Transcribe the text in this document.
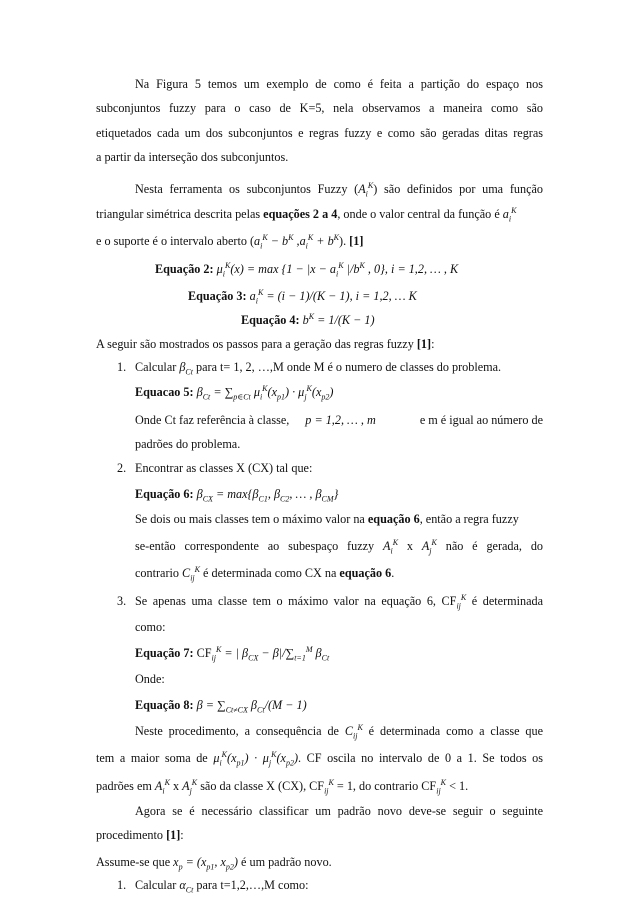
Na Figura 5 temos um exemplo de como é feita a partição do espaço nos
subconjuntos fuzzy para o caso de K=5, nela observamos a maneira como são
etiquetados cada um dos subconjuntos e regras fuzzy e como são geradas ditas regras
a partir da interseção dos subconjuntos.
Nesta ferramenta os subconjuntos Fuzzy $(A_i^K)$ são definidos por uma função
triangular simétrica descrita pelas equações 2 a 4, onde o valor central da função é $a_i^K$
e o suporte é o intervalo aberto ($a_i^K - b^K$ $,a_i^K + b^K$). [1]
Equação 2: $\mu_i^K(x) = \max \{1 - |x - a_i^K$ $|/b^K$ , 0}, i = 1,2, … , K
Equação 3: $a_i^K = (i - 1)/(K - 1)$, i = 1,2, … K
Equação 4: $b^K = 1/(K - 1)$
A seguir são mostrados os passos para a geração das regras fuzzy [1]:
1. Calcular $\beta_{Ct}$ para t= 1, 2, …,M onde M é o numero de classes do problema.
Equacao 5: $\beta_{Ct} = \sum_{p\in Ct}$ $\mu_i^K(x_{p1}) \cdot \mu_j^K(x_{p2})$
Onde Ct faz referência à classe, p = 1,2, … , m	e m é igual ao número de
padrões do problema.
2. Encontrar as classes X (CX) tal que:
Equação 6: $\beta_{CX} = \max\{\beta_{C1}$, $\beta_{C2}$, … , $\beta_{CM}$}
Se dois ou mais classes tem o máximo valor na equação 6, então a regra fuzzy
se-então correspondente ao subespaço fuzzy $A_i^K$ x $A_j^K$ não é gerada, do
contrario $C_{ij}^K$ é determinada como CX na equação 6.
3. Se apenas uma classe tem o máximo valor na equação 6, $CF_{ij}^K$ é determinada
como:
Equação 7: $CF_{ij}^K$ = | $\beta_{CX} - \beta|/\sum_{t=1}^M$ $\beta_{Ct}$
Onde:
Equação 8: $\beta = \sum_{Ct\ne CX}$ $\beta_{Ct}/(M - 1)$
Neste procedimento, a consequência de $C_{ij}^K$ é determinada como a classe que
tem a maior soma de $\mu_i^K(x_{p1}) \cdot \mu_j^K(x_{p2})$. CF oscila no intervalo de 0 a 1. Se todos os
padrões em $A_i^K$ x $A_j^K$ são da classe X (CX), $CF_{ij}^K = 1$, do contrario $CF_{ij}^K < 1$.
Agora se é necessário classificar um padrão novo deve-se seguir o seguinte
procedimento [1]:
Assume-se que $x_p = (x_{p1}$, $x_{p2}$) é um padrão novo.
1. Calcular $\alpha_{Ct}$ para t=1,2,…,M como:
